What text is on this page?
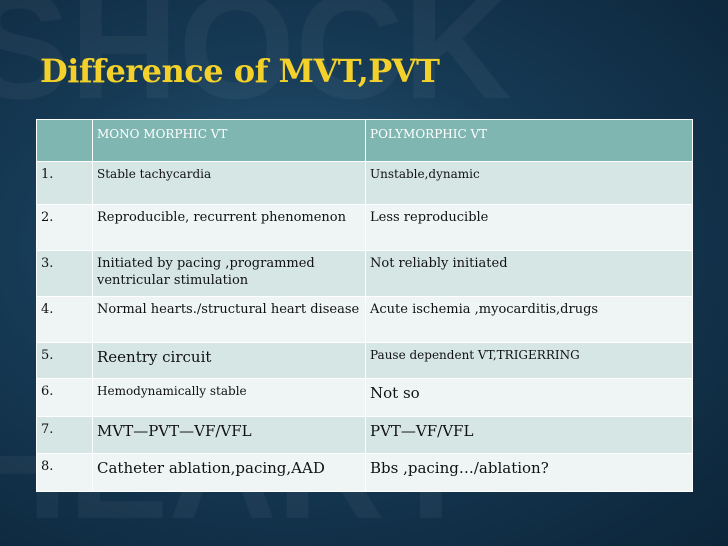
Difference of MVT,PVT
	MONO MORPHIC VT	POLYMORPHIC VT
1.	Stable tachycardia	Unstable,dynamic
2.	Reproducible, recurrent phenomenon	Less reproducible
3.	Initiated by pacing ,programmed ventricular stimulation	Not reliably initiated
4.	Normal hearts./structural heart disease	Acute ischemia ,myocarditis,drugs
5.	Reentry circuit	Pause dependent VT,TRIGERRING
6.	Hemodynamically stable	Not so
7.	MVT—PVT—VF/VFL	PVT—VF/VFL
8.	Catheter ablation,pacing,AAD	Bbs ,pacing…/ablation?
